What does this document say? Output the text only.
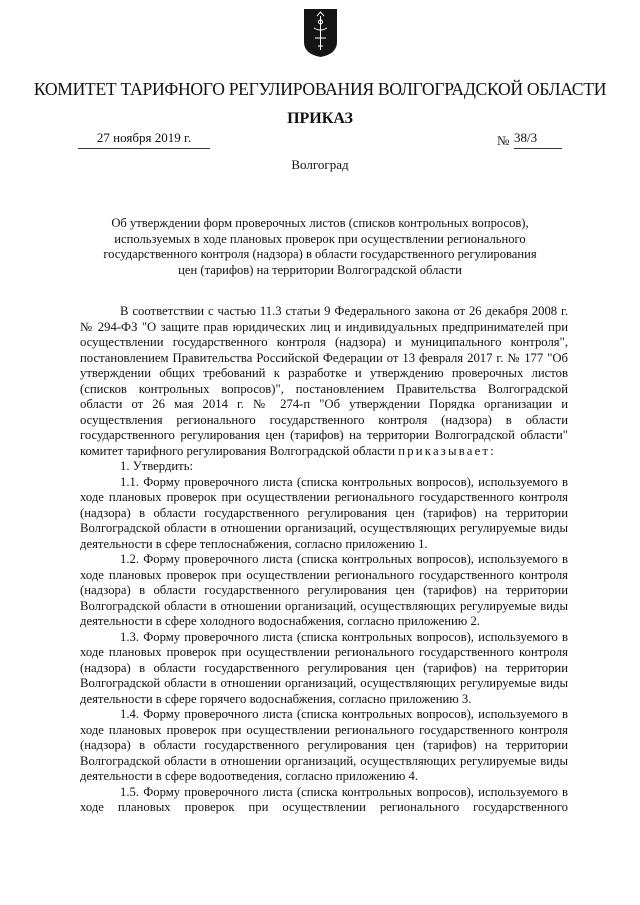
КОМИТЕТ ТАРИФНОГО РЕГУЛИРОВАНИЯ ВОЛГОГРАДСКОЙ ОБЛАСТИ
ПРИКАЗ
27 ноября 2019 г.	№ 38/3
Волгоград
Об утверждении форм проверочных листов (списков контрольных вопросов), используемых в ходе плановых проверок при осуществлении регионального государственного контроля (надзора) в области государственного регулирования цен (тарифов) на территории Волгоградской области

В соответствии с частью 11.3 статьи 9 Федерального закона от 26 декабря 2008 г. № 294-ФЗ "О защите прав юридических лиц и индивидуальных предпринимателей при осуществлении государственного контроля (надзора) и муниципального контроля", постановлением Правительства Российской Федерации от 13 февраля 2017 г. № 177 "Об утверждении общих требований к разработке и утверждению проверочных листов (списков контрольных вопросов)", постановлением Правительства Волгоградской области от 26 мая 2014 г. № 274-п "Об утверждении Порядка организации и осуществления регионального государственного контроля (надзора) в области государственного регулирования цен (тарифов) на территории Волгоградской области" комитет тарифного регулирования Волгоградской области приказывает:

1. Утвердить:

1.1. Форму проверочного листа (списка контрольных вопросов), используемого в ходе плановых проверок при осуществлении регионального государственного контроля (надзора) в области государственного регулирования цен (тарифов) на территории Волгоградской области в отношении организаций, осуществляющих регулируемые виды деятельности в сфере теплоснабжения, согласно приложению 1.

1.2. Форму проверочного листа (списка контрольных вопросов), используемого в ходе плановых проверок при осуществлении регионального государственного контроля (надзора) в области государственного регулирования цен (тарифов) на территории Волгоградской области в отношении организаций, осуществляющих регулируемые виды деятельности в сфере холодного водоснабжения, согласно приложению 2.

1.3. Форму проверочного листа (списка контрольных вопросов), используемого в ходе плановых проверок при осуществлении регионального государственного контроля (надзора) в области государственного регулирования цен (тарифов) на территории Волгоградской области в отношении организаций, осуществляющих регулируемые виды деятельности в сфере горячего водоснабжения, согласно приложению 3.

1.4. Форму проверочного листа (списка контрольных вопросов), используемого в ходе плановых проверок при осуществлении регионального государственного контроля (надзора) в области государственного регулирования цен (тарифов) на территории Волгоградской области в отношении организаций, осуществляющих регулируемые виды деятельности в сфере водоотведения, согласно приложению 4.

1.5. Форму проверочного листа (списка контрольных вопросов), используемого в ходе плановых проверок при осуществлении регионального государственного
